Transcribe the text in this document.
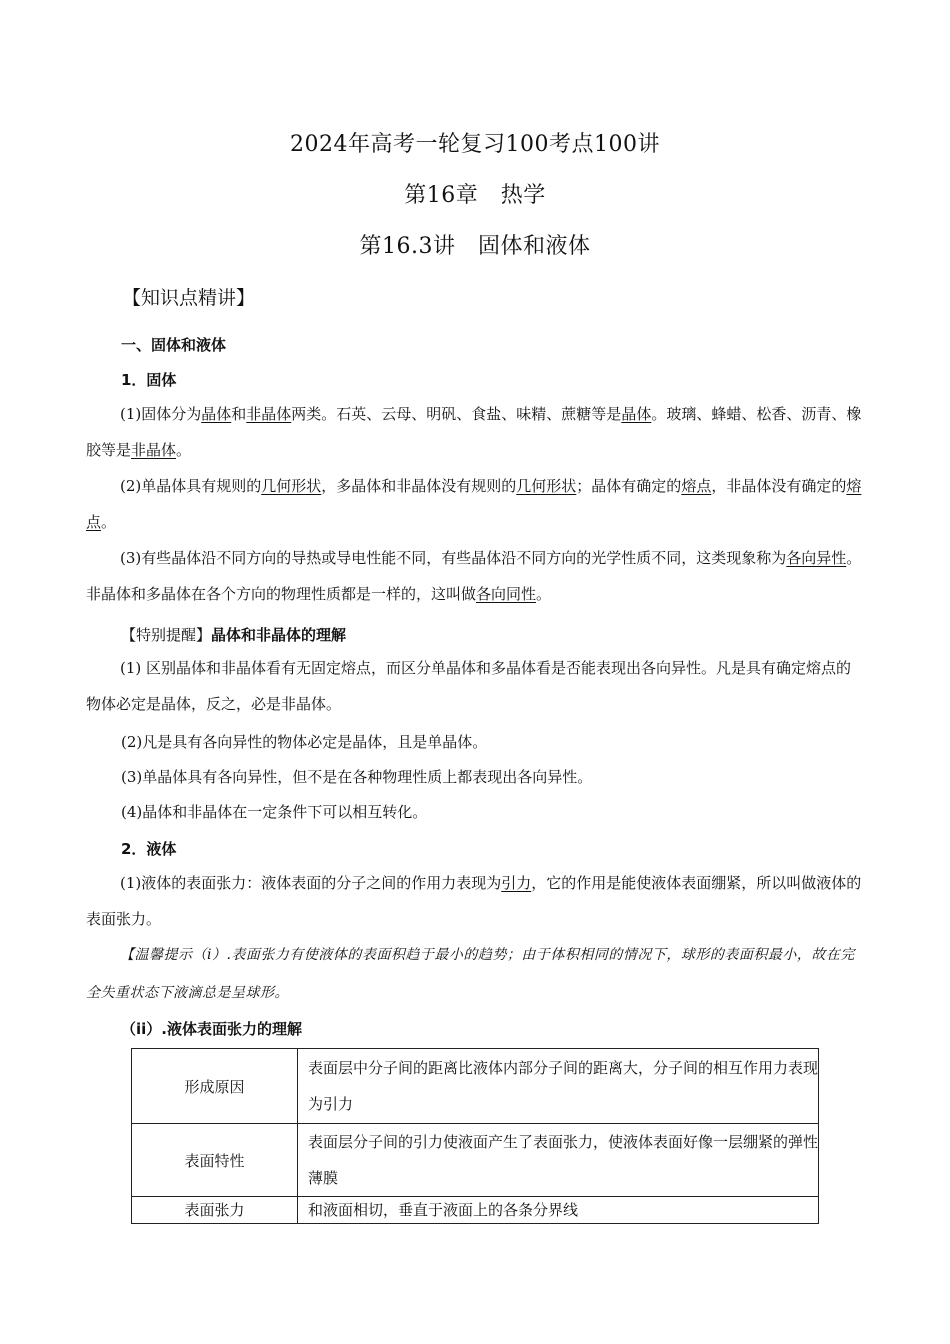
2024年高考一轮复习100考点100讲
第16章　热学
第16.3讲　固体和液体
【知识点精讲】
一、固体和液体
1．固体
(1)固体分为晶体和非晶体两类。石英、云母、明矾、食盐、味精、蔗糖等是晶体。玻璃、蜂蜡、松香、沥青、橡胶等是非晶体。
(2)单晶体具有规则的几何形状，多晶体和非晶体没有规则的几何形状；晶体有确定的熔点，非晶体没有确定的熔点。
(3)有些晶体沿不同方向的导热或导电性能不同，有些晶体沿不同方向的光学性质不同，这类现象称为各向异性。非晶体和多晶体在各个方向的物理性质都是一样的，这叫做各向同性。
【特别提醒】晶体和非晶体的理解
(1) 区别晶体和非晶体看有无固定熔点，而区分单晶体和多晶体看是否能表现出各向异性。凡是具有确定熔点的物体必定是晶体，反之，必是非晶体。
(2)凡是具有各向异性的物体必定是晶体，且是单晶体。
(3)单晶体具有各向异性，但不是在各种物理性质上都表现出各向异性。
(4)晶体和非晶体在一定条件下可以相互转化。
2．液体
(1)液体的表面张力：液体表面的分子之间的作用力表现为引力，它的作用是能使液体表面绷紧，所以叫做液体的表面张力。
【温馨提示（i）.表面张力有使液体的表面积趋于最小的趋势；由于体积相同的情况下，球形的表面积最小，故在完全失重状态下液滴总是呈球形。
（ii）.液体表面张力的理解
形成原因	表面层中分子间的距离比液体内部分子间的距离大，分子间的相互作用力表现为引力
表面特性	表面层分子间的引力使液面产生了表面张力，使液体表面好像一层绷紧的弹性薄膜
表面张力	和液面相切，垂直于液面上的各条分界线
